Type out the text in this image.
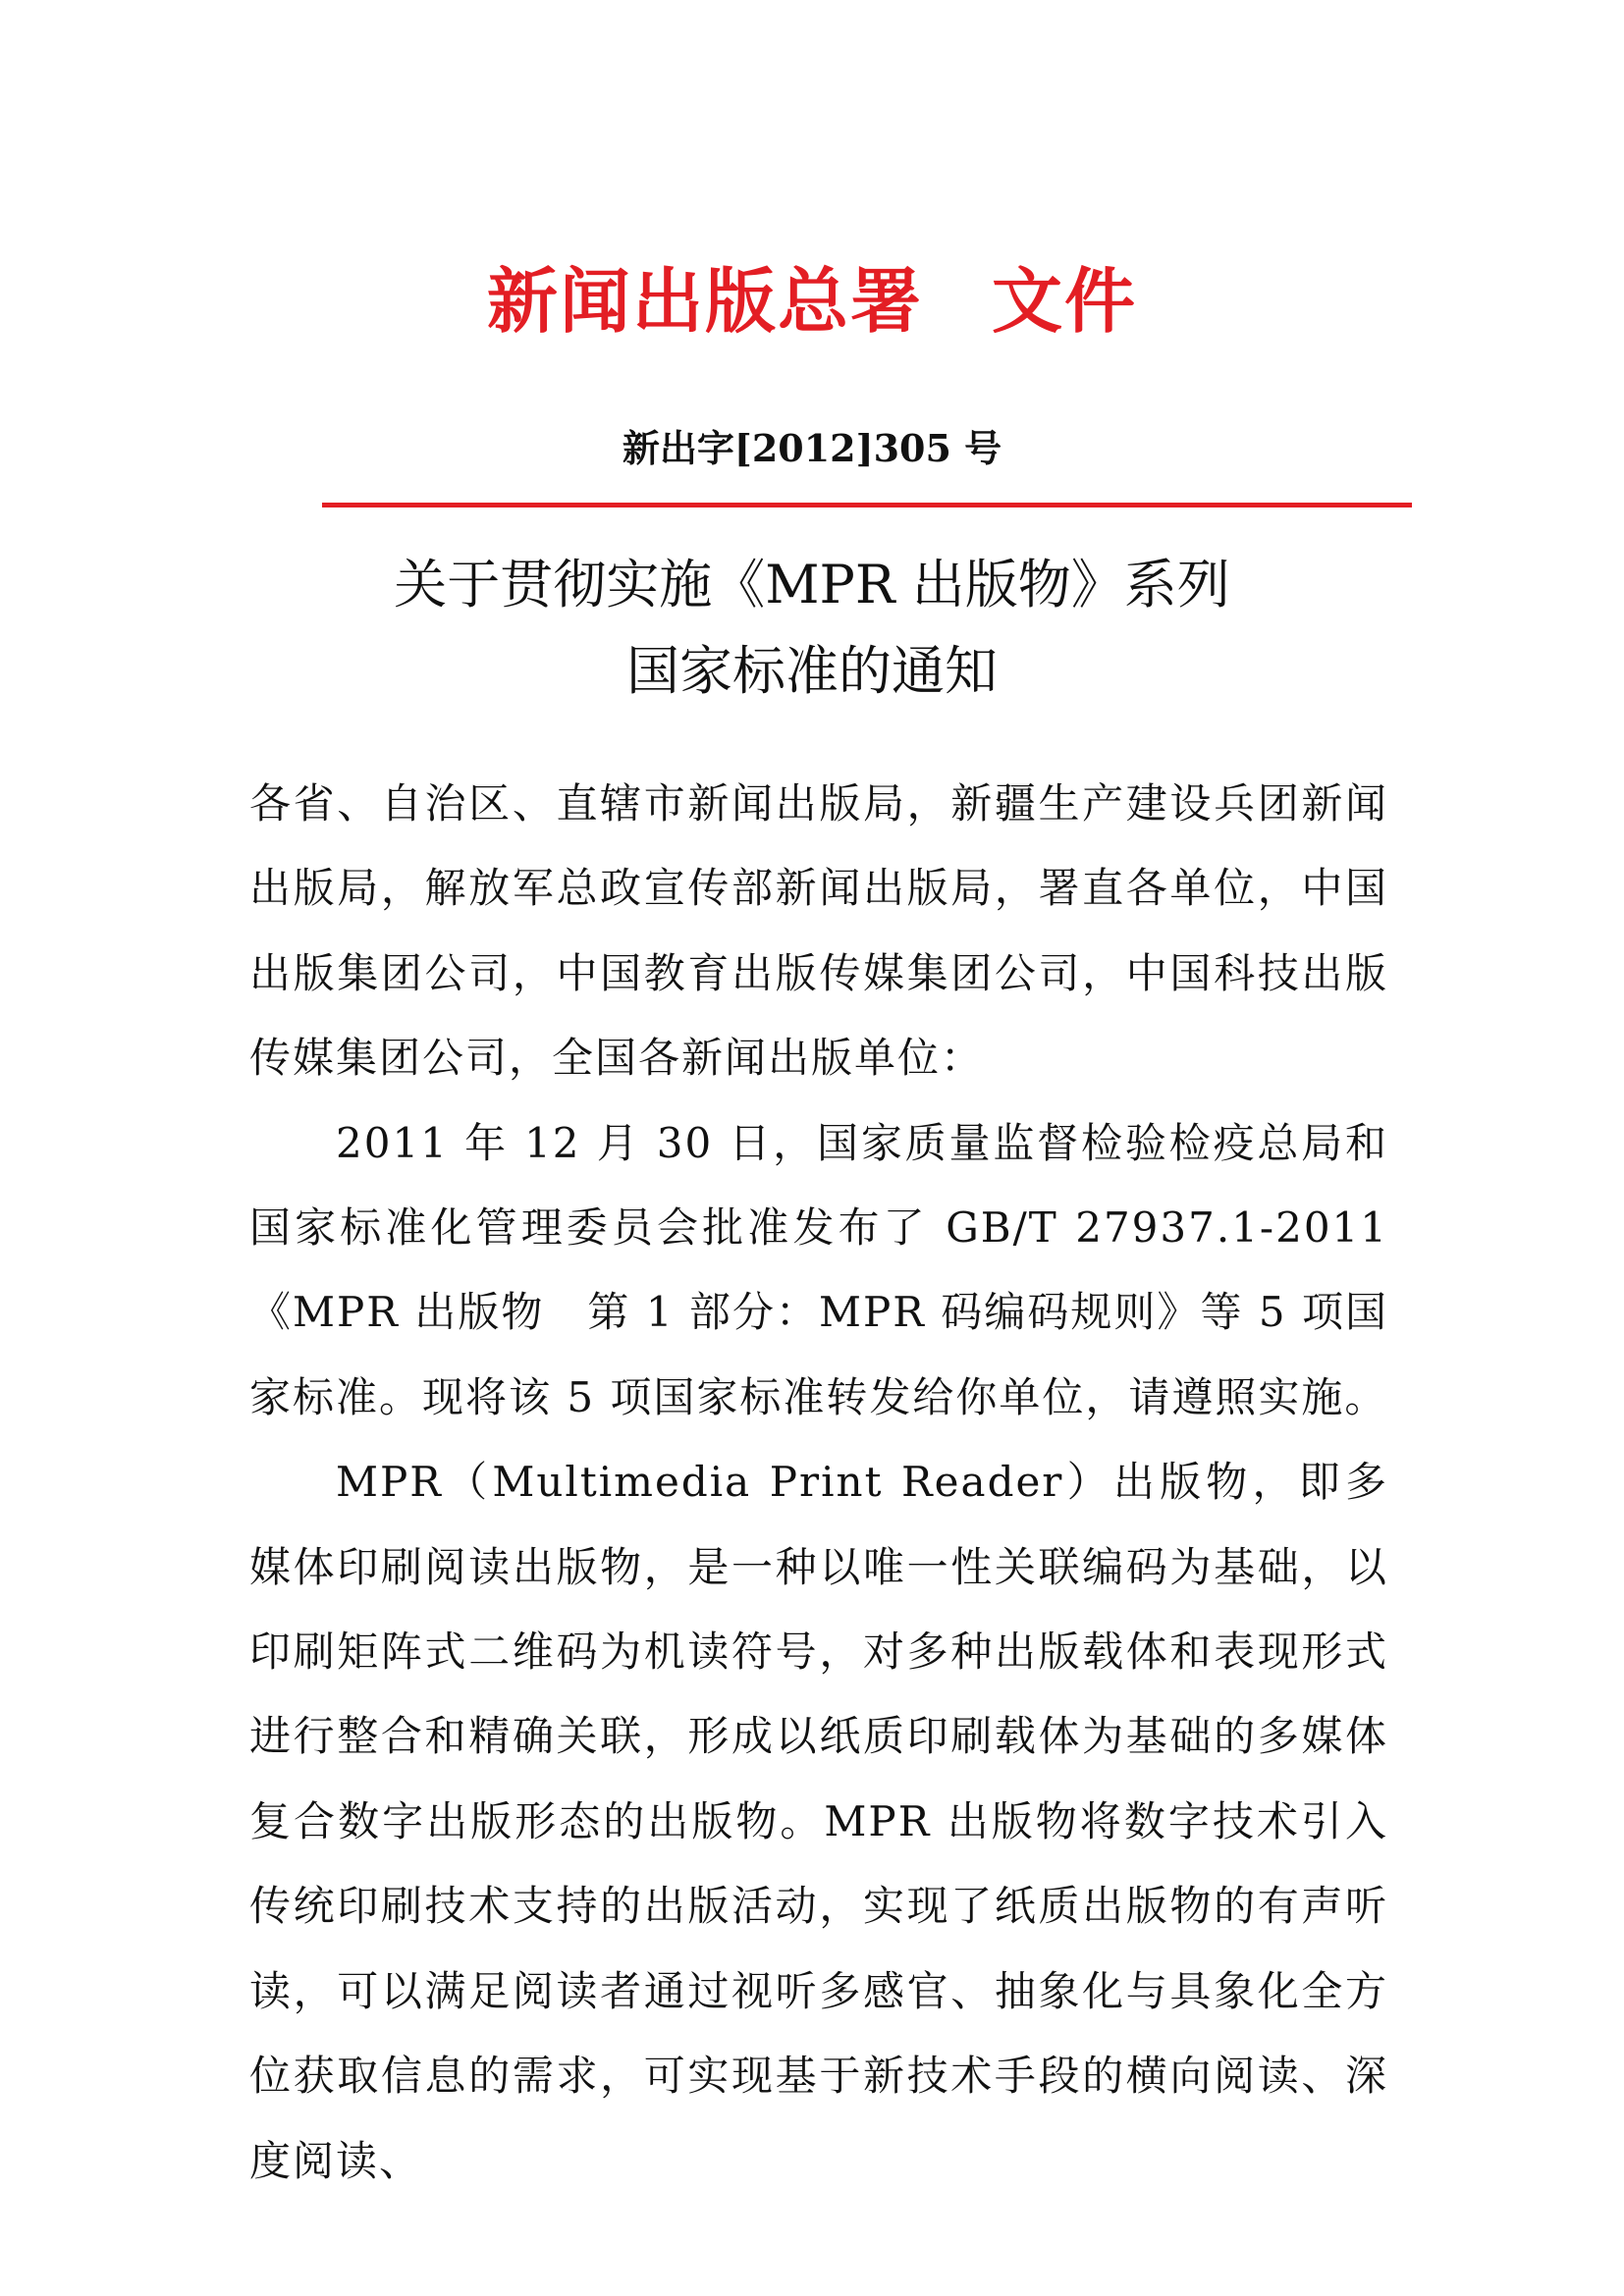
新闻出版总署 文件
新出字[2012]305 号
关于贯彻实施《MPR 出版物》系列
国家标准的通知

各省、自治区、直辖市新闻出版局，新疆生产建设兵团新闻出版局，解放军总政宣传部新闻出版局，署直各单位，中国出版集团公司，中国教育出版传媒集团公司，中国科技出版传媒集团公司，全国各新闻出版单位：

2011 年 12 月 30 日，国家质量监督检验检疫总局和国家标准化管理委员会批准发布了 GB/T 27937.1-2011《MPR 出版物　第 1 部分：MPR 码编码规则》等 5 项国家标准。现将该 5 项国家标准转发给你单位，请遵照实施。

MPR（Multimedia Print Reader）出版物，即多媒体印刷阅读出版物，是一种以唯一性关联编码为基础，以印刷矩阵式二维码为机读符号，对多种出版载体和表现形式进行整合和精确关联，形成以纸质印刷载体为基础的多媒体复合数字出版形态的出版物。MPR 出版物将数字技术引入传统印刷技术支持的出版活动，实现了纸质出版物的有声听读，可以满足阅读者通过视听多感官、抽象化与具象化全方位获取信息的需求，可实现基于新技术手段的横向阅读、深度阅读、
